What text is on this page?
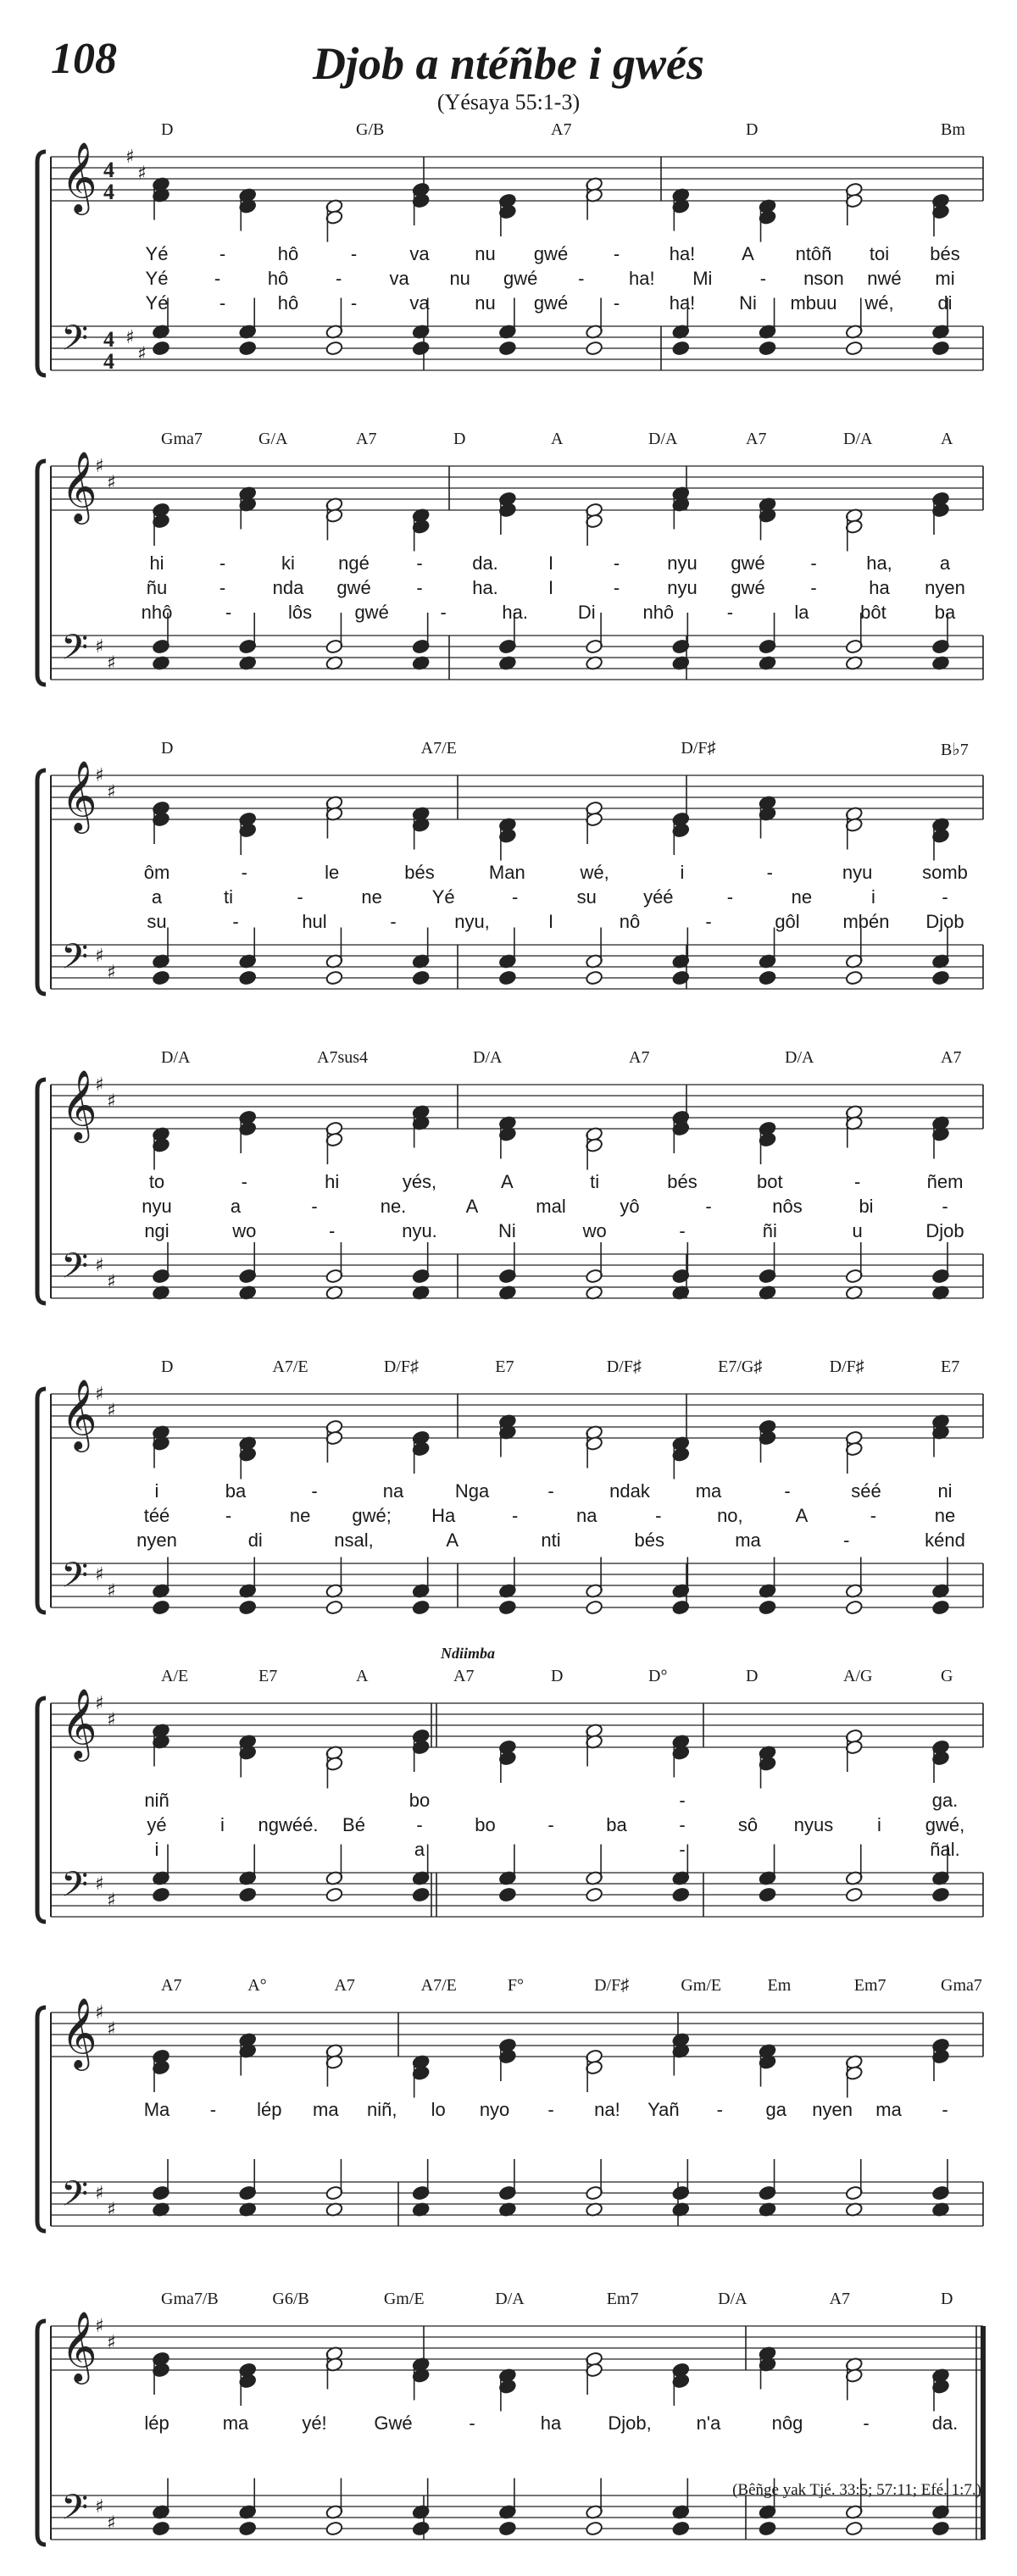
108	Djob a ntéñbe i gwés
(Yésaya 55:1-3)
𝄞
𝄢
♯
♯
♯
♯
4
4
4
4
D	G/B	A7	D	Bm
Yé	-	hô	-	va nu gwé -	ha! A ntôñ toi bés
Yé -	hô	-	va nu gwé - ha! Mi	- nson nwé mi
Yé	-	hô	-	va nu gwé -	ha! Ni mbuu wé, di
𝄞
𝄢
♯
♯
♯
♯
Gma7	G/A	A7	D	A	D/A	A7	D/A	A
hi	-	ki ngé	-	da.	I	-	nyu gwé -	ha,	a
ñu	-	nda gwé -	ha.	I	-	nyu gwé -	ha nyen
nhô	-	lôs gwé	-	ha.	Di	nhô	-	la	bôt	ba
𝄞
𝄢
♯
♯
♯
♯
D	A7/E	D/F♯	B♭7
ôm	-	le	bés	Man	wé,	i	-	nyu	somb
a	ti	-	ne	Yé	-	su	yéé	-	ne	i	-
su	-	hul	-	nyu,	I	nô	-	gôl mbén Djob
𝄞
𝄢
♯
♯
♯
♯
D/A	A7sus4	D/A	A7	D/A	A7
to	-	hi	yés,	A	ti	bés	bot	-	ñem
nyu	a	-	ne.	A	mal	yô	-	nôs	bi	-
ngi	wo	-	nyu.	Ni	wo	-	ñi	u	Djob
𝄞
𝄢
♯
♯
♯
♯
D	A7/E	D/F♯	E7	D/F♯	E7/G♯	D/F♯	E7
i	ba	-	na	Nga	-	ndak ma	-	séé	ni
téé	-	ne gwé; Ha	-	na	-	no,	A	-	ne
nyen	di	nsal,	A	nti	bés	ma	-	kénd
𝄞
𝄢
♯
♯
♯
♯
Ndiimba
A/E	E7	A	A7	D	D°	D	A/G	G
niñ	bo	-	ga.
yé	i ngwéé. Bé	-	bo	-	ba	-	sô nyus i gwé,
i	a	-	ñal.
𝄞
𝄢
♯
♯
♯
♯
A7	A°	A7	A7/E	F°	D/F♯	Gm/E	Em	Em7	Gma7
Ma - lép ma niñ, lo nyo - na! Yañ - ga nyen ma -
𝄞
𝄢
♯
♯
♯
♯
Gma7/B	G6/B	Gm/E	D/A	Em7	D/A	A7	D
lép	ma	yé!	Gwé	-	ha	Djob, n'a	nôg	-	da.
(Bêñge yak Tjé. 33:5; 57:11; Efé. 1:7.)
